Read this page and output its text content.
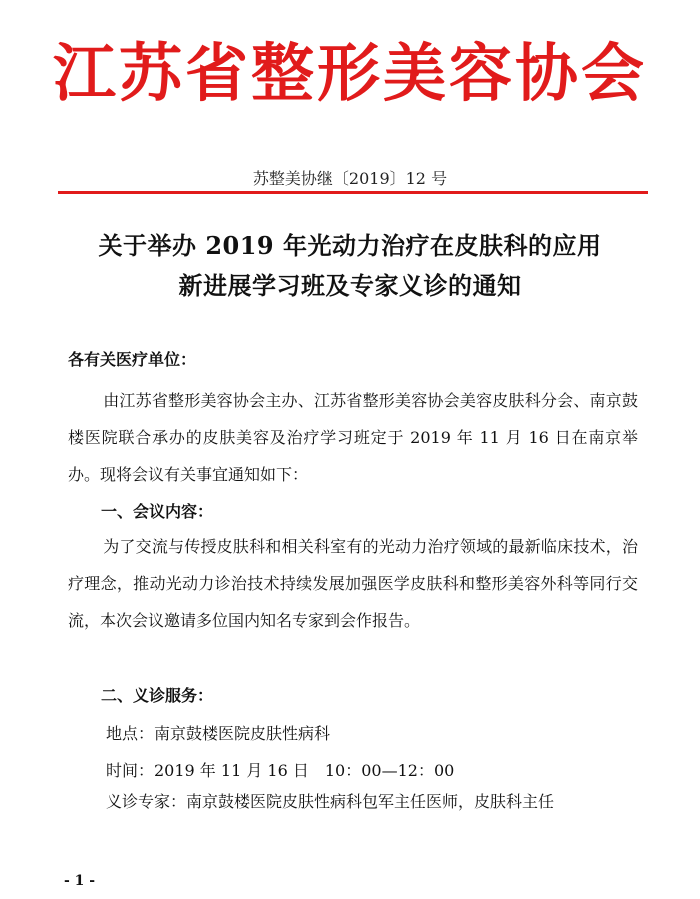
江苏省整形美容协会
苏整美协继〔2019〕12 号
关于举办 2019 年光动力治疗在皮肤科的应用
新进展学习班及专家义诊的通知
各有关医疗单位：
由江苏省整形美容协会主办、江苏省整形美容协会美容皮肤科分会、南京鼓楼医院联合承办的皮肤美容及治疗学习班定于 2019 年 11 月 16 日在南京举办。现将会议有关事宜通知如下：
一、会议内容：
为了交流与传授皮肤科和相关科室有的光动力治疗领域的最新临床技术，治疗理念，推动光动力诊治技术持续发展加强医学皮肤科和整形美容外科等同行交流，本次会议邀请多位国内知名专家到会作报告。
二、义诊服务：
地点：南京鼓楼医院皮肤性病科
时间：2019 年 11 月 16 日　10：00—12：00
义诊专家：南京鼓楼医院皮肤性病科包军主任医师，皮肤科主任
- 1 -
